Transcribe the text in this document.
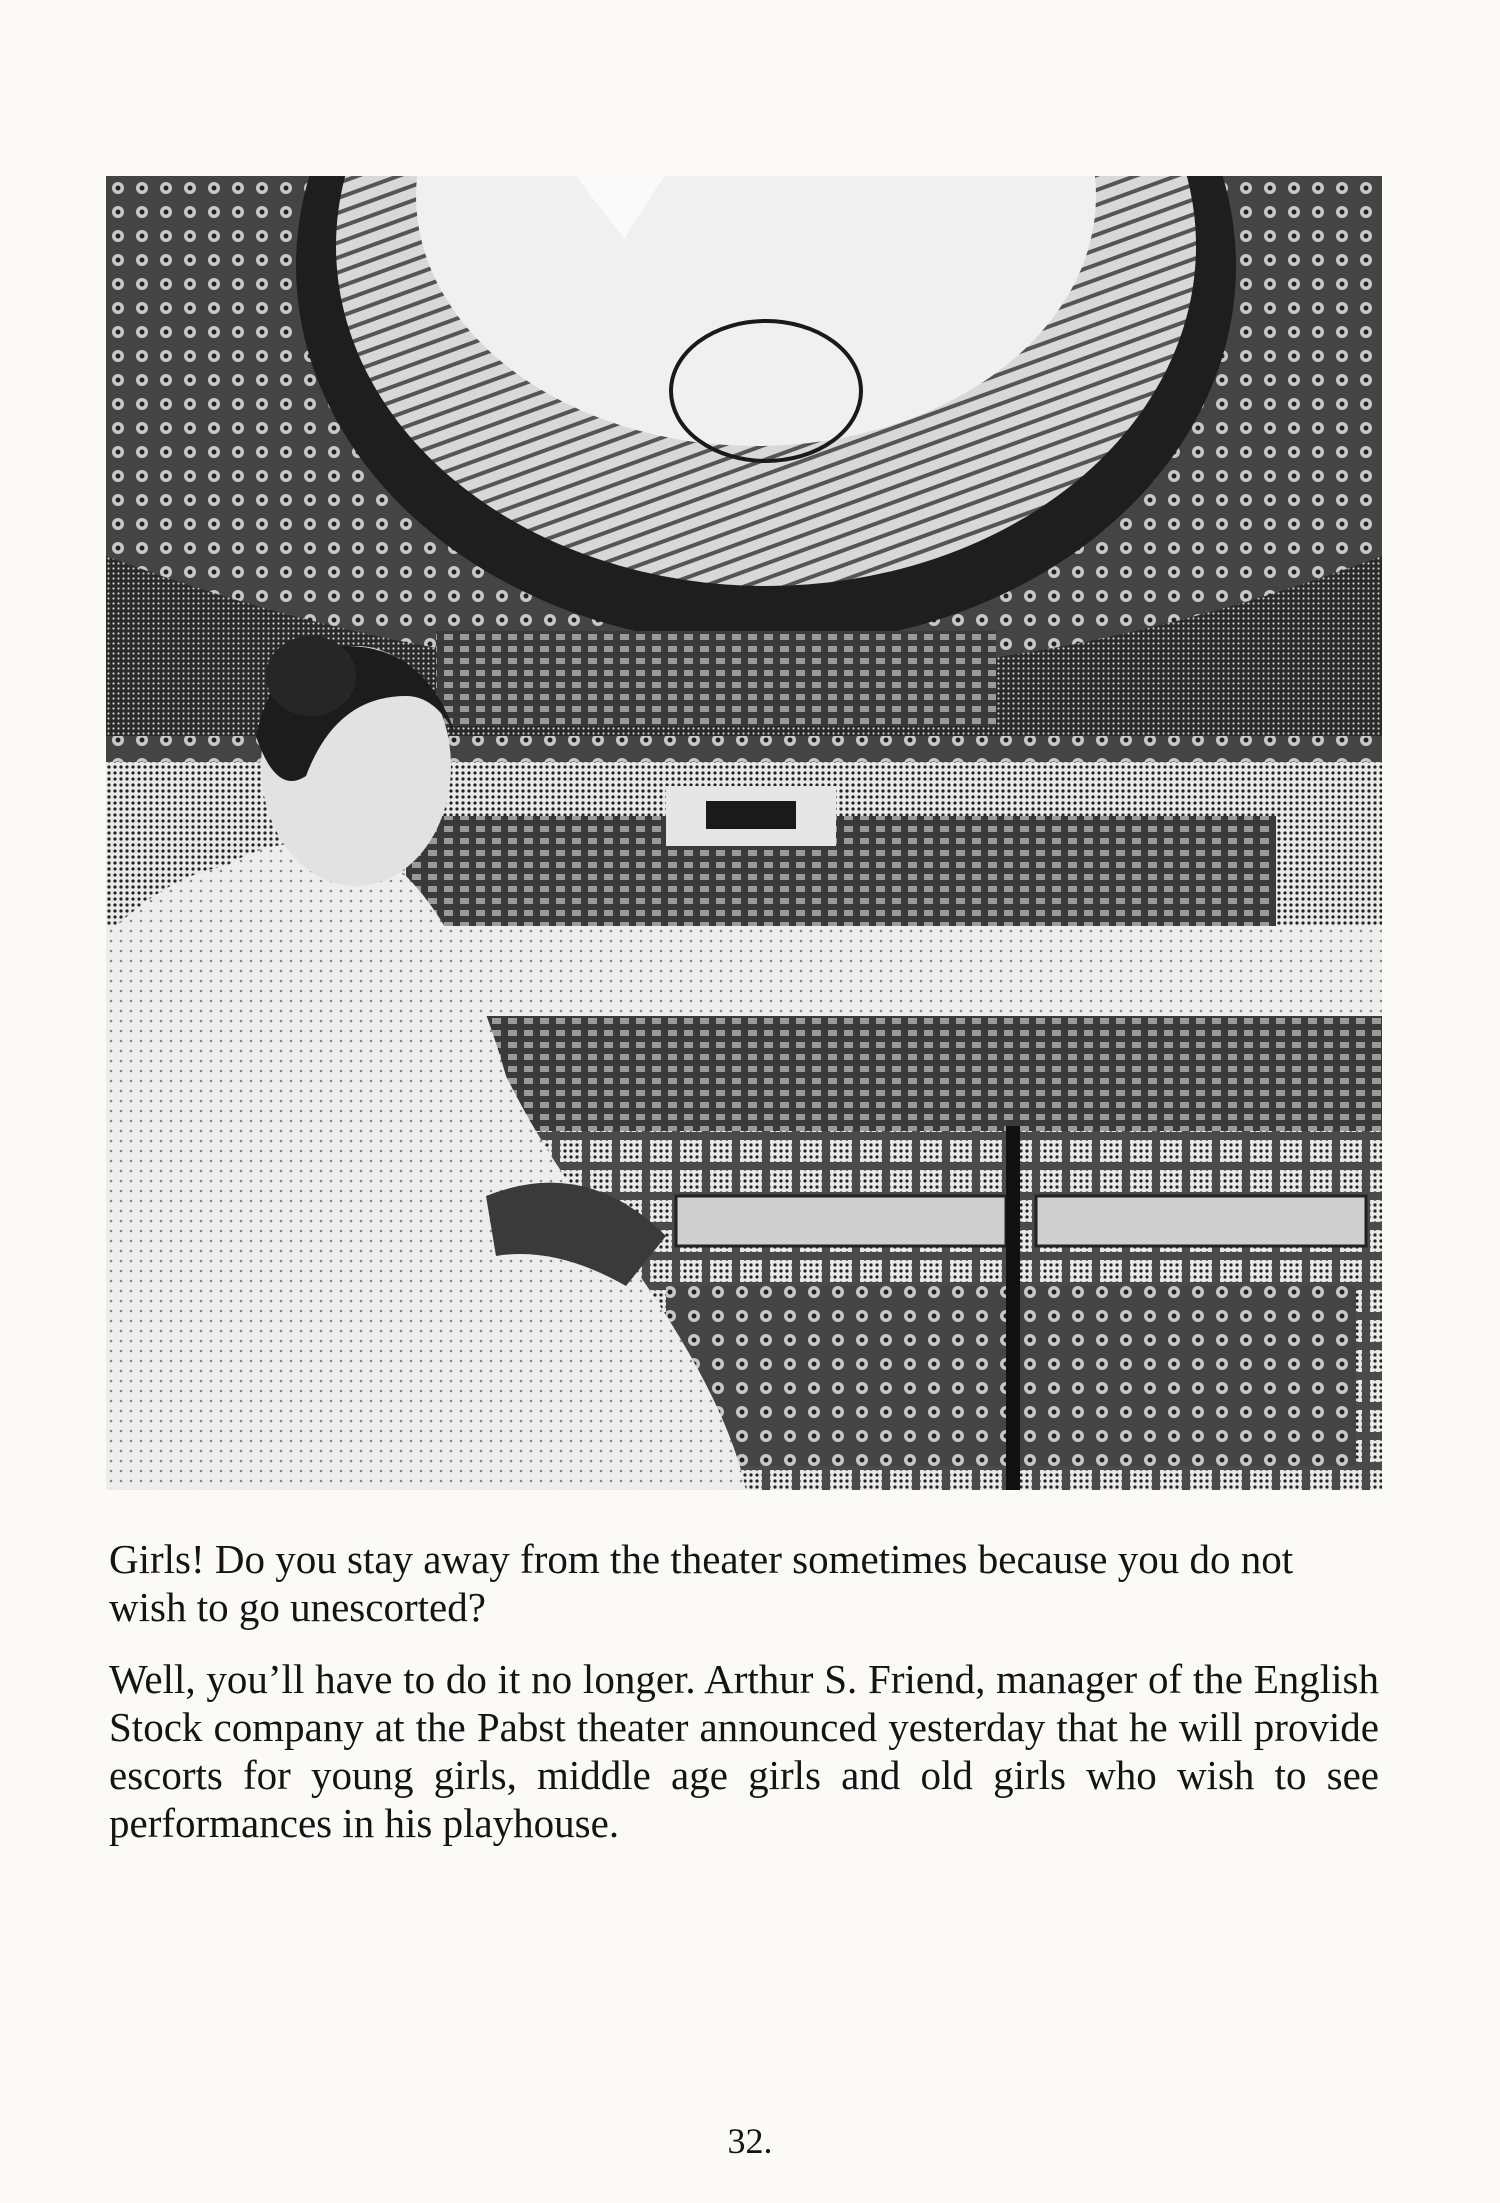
Girls! Do you stay away from the theater sometimes because you do not wish to go unescorted?

Well, you’ll have to do it no longer. Arthur S. Friend, manager of the English Stock company at the Pabst theater announced yesterday that he will provide escorts for young girls, middle age girls and old girls who wish to see performances in his playhouse.

32.
